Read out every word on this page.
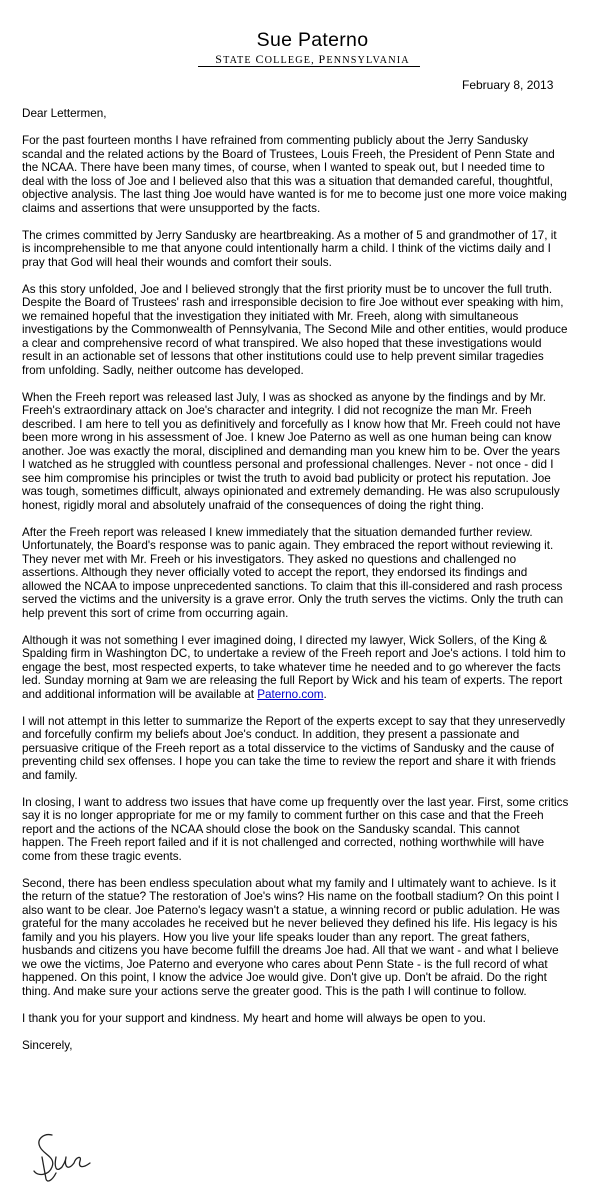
Sue Paterno
STATE COLLEGE, PENNSYLVANIA
February 8, 2013
Dear Lettermen,
For the past fourteen months I have refrained from commenting publicly about the Jerry Sandusky
scandal and the related actions by the Board of Trustees, Louis Freeh, the President of Penn State and
the NCAA. There have been many times, of course, when I wanted to speak out, but I needed time to
deal with the loss of Joe and I believed also that this was a situation that demanded careful, thoughtful,
objective analysis. The last thing Joe would have wanted is for me to become just one more voice making
claims and assertions that were unsupported by the facts.
The crimes committed by Jerry Sandusky are heartbreaking. As a mother of 5 and grandmother of 17, it
is incomprehensible to me that anyone could intentionally harm a child. I think of the victims daily and I
pray that God will heal their wounds and comfort their souls.
As this story unfolded, Joe and I believed strongly that the first priority must be to uncover the full truth.
Despite the Board of Trustees' rash and irresponsible decision to fire Joe without ever speaking with him,
we remained hopeful that the investigation they initiated with Mr. Freeh, along with simultaneous
investigations by the Commonwealth of Pennsylvania, The Second Mile and other entities, would produce
a clear and comprehensive record of what transpired. We also hoped that these investigations would
result in an actionable set of lessons that other institutions could use to help prevent similar tragedies
from unfolding. Sadly, neither outcome has developed.
When the Freeh report was released last July, I was as shocked as anyone by the findings and by Mr.
Freeh's extraordinary attack on Joe's character and integrity. I did not recognize the man Mr. Freeh
described. I am here to tell you as definitively and forcefully as I know how that Mr. Freeh could not have
been more wrong in his assessment of Joe. I knew Joe Paterno as well as one human being can know
another. Joe was exactly the moral, disciplined and demanding man you knew him to be. Over the years
I watched as he struggled with countless personal and professional challenges. Never - not once - did I
see him compromise his principles or twist the truth to avoid bad publicity or protect his reputation. Joe
was tough, sometimes difficult, always opinionated and extremely demanding. He was also scrupulously
honest, rigidly moral and absolutely unafraid of the consequences of doing the right thing.
After the Freeh report was released I knew immediately that the situation demanded further review.
Unfortunately, the Board's response was to panic again. They embraced the report without reviewing it.
They never met with Mr. Freeh or his investigators. They asked no questions and challenged no
assertions. Although they never officially voted to accept the report, they endorsed its findings and
allowed the NCAA to impose unprecedented sanctions. To claim that this ill-considered and rash process
served the victims and the university is a grave error. Only the truth serves the victims. Only the truth can
help prevent this sort of crime from occurring again.
Although it was not something I ever imagined doing, I directed my lawyer, Wick Sollers, of the King &
Spalding firm in Washington DC, to undertake a review of the Freeh report and Joe's actions. I told him to
engage the best, most respected experts, to take whatever time he needed and to go wherever the facts
led. Sunday morning at 9am we are releasing the full Report by Wick and his team of experts. The report
and additional information will be available at Paterno.com.
I will not attempt in this letter to summarize the Report of the experts except to say that they unreservedly
and forcefully confirm my beliefs about Joe's conduct. In addition, they present a passionate and
persuasive critique of the Freeh report as a total disservice to the victims of Sandusky and the cause of
preventing child sex offenses. I hope you can take the time to review the report and share it with friends
and family.
In closing, I want to address two issues that have come up frequently over the last year. First, some critics
say it is no longer appropriate for me or my family to comment further on this case and that the Freeh
report and the actions of the NCAA should close the book on the Sandusky scandal. This cannot
happen. The Freeh report failed and if it is not challenged and corrected, nothing worthwhile will have
come from these tragic events.
Second, there has been endless speculation about what my family and I ultimately want to achieve. Is it
the return of the statue? The restoration of Joe's wins? His name on the football stadium? On this point I
also want to be clear. Joe Paterno's legacy wasn't a statue, a winning record or public adulation. He was
grateful for the many accolades he received but he never believed they defined his life. His legacy is his
family and you his players. How you live your life speaks louder than any report. The great fathers,
husbands and citizens you have become fulfill the dreams Joe had. All that we want - and what I believe
we owe the victims, Joe Paterno and everyone who cares about Penn State - is the full record of what
happened. On this point, I know the advice Joe would give. Don't give up. Don't be afraid. Do the right
thing. And make sure your actions serve the greater good. This is the path I will continue to follow.
I thank you for your support and kindness. My heart and home will always be open to you.
Sincerely,
